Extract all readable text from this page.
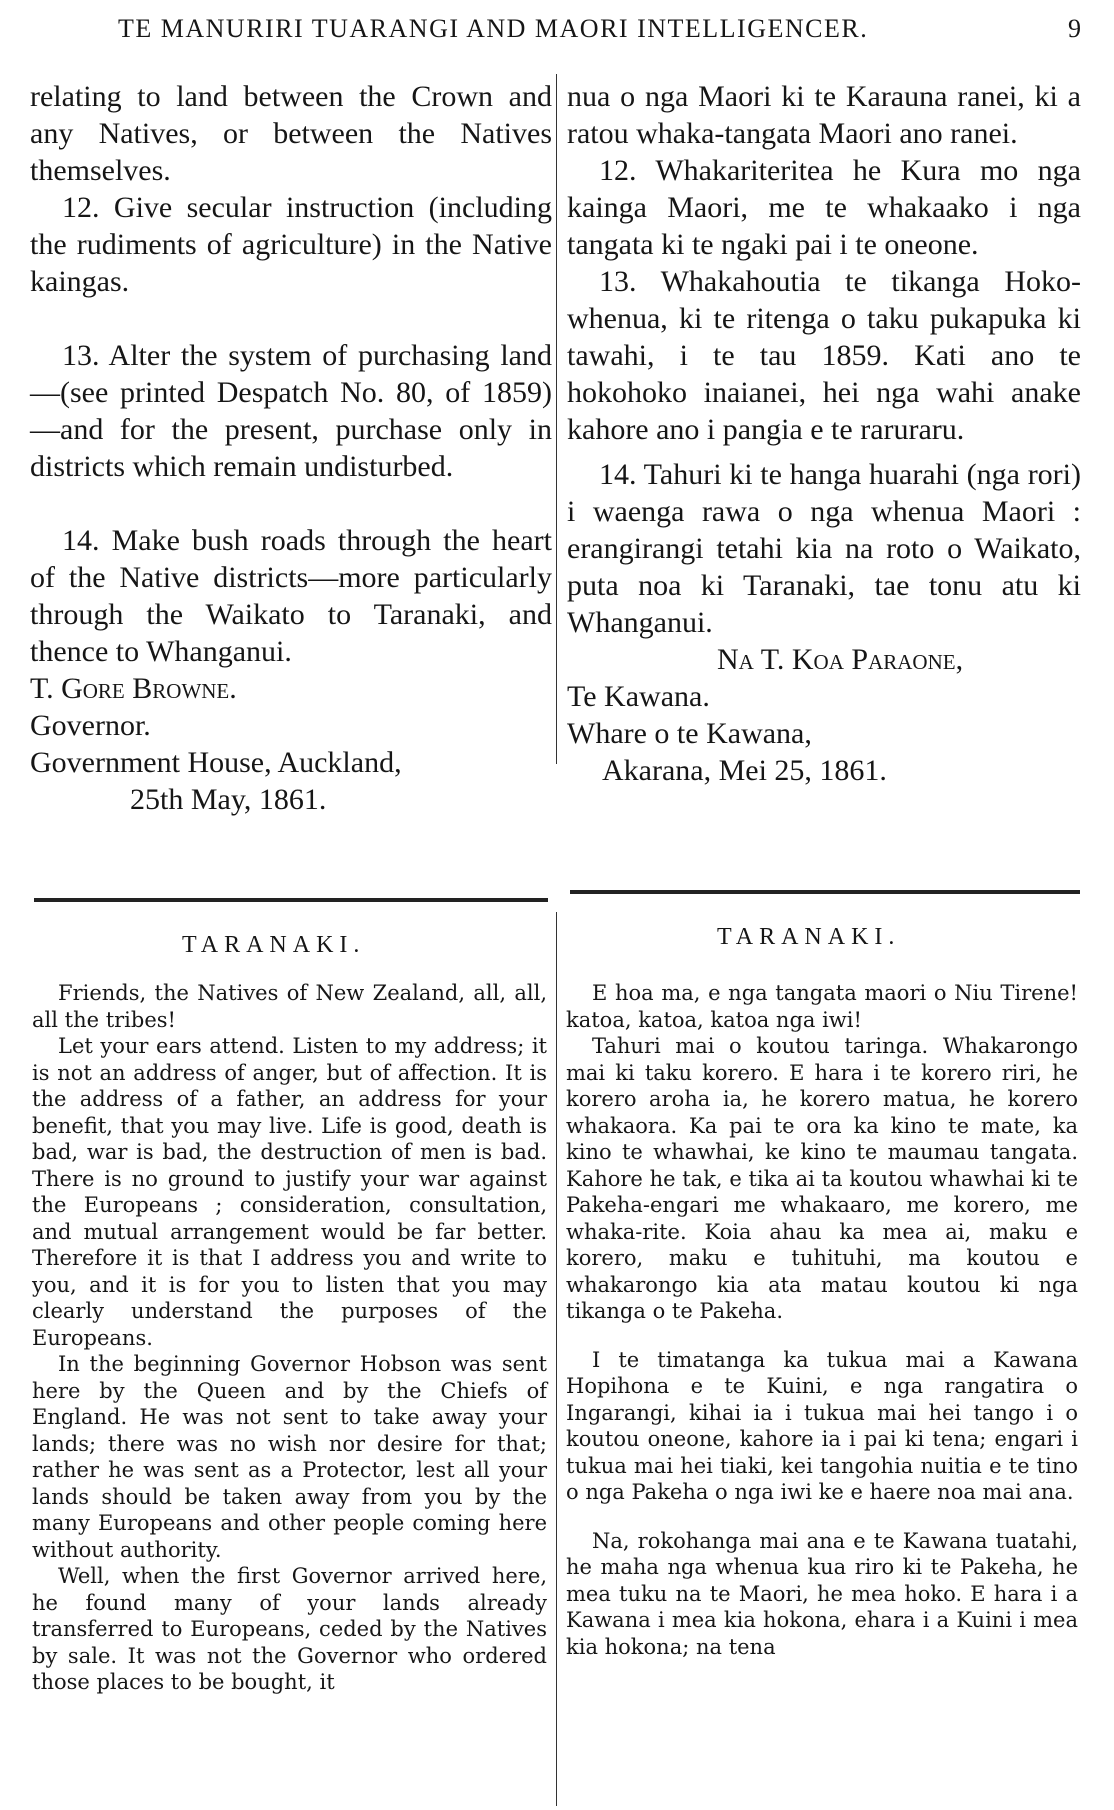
TE MANURIRI TUARANGI AND MAORI INTELLIGENCER.	9

relating to land between the Crown and any Natives, or between the Natives themselves.

12. Give secular instruction (including the rudiments of agriculture) in the Native kaingas.

13. Alter the system of purchasing land—(see printed Despatch No. 80, of 1859)—and for the present, purchase only in districts which remain undisturbed.

14. Make bush roads through the heart of the Native districts—more particularly through the Waikato to Taranaki, and thence to Whanganui.

T. Gore Browne.

Governor.

Government House, Auckland,

25th May, 1861.

nua o nga Maori ki te Karauna ranei, ki a ratou whaka-tangata Maori ano ranei.

12. Whakariteritea he Kura mo nga kainga Maori, me te whakaako i nga tangata ki te ngaki pai i te oneone.

13. Whakahoutia te tikanga Hoko-whenua, ki te ritenga o taku pukapuka ki tawahi, i te tau 1859. Kati ano te hokohoko inaianei, hei nga wahi anake kahore ano i pangia e te raruraru.

14. Tahuri ki te hanga huarahi (nga rori) i waenga rawa o nga whenua Maori : erangirangi tetahi kia na roto o Waikato, puta noa ki Taranaki, tae tonu atu ki Whanganui.

Na T. Koa Paraone,

Te Kawana.

Whare o te Kawana,

Akarana, Mei 25, 1861.

TARANAKI.	TARANAKI.

Friends, the Natives of New Zealand, all, all, all the tribes!

Let your ears attend. Listen to my address; it is not an address of anger, but of affection. It is the address of a father, an address for your benefit, that you may live. Life is good, death is bad, war is bad, the destruction of men is bad. There is no ground to justify your war against the Europeans ; consideration, consultation, and mutual arrangement would be far better. Therefore it is that I address you and write to you, and it is for you to listen that you may clearly understand the purposes of the Europeans.

In the beginning Governor Hobson was sent here by the Queen and by the Chiefs of England. He was not sent to take away your lands; there was no wish nor desire for that; rather he was sent as a Protector, lest all your lands should be taken away from you by the many Europeans and other people coming here without authority.

Well, when the first Governor arrived here, he found many of your lands already transferred to Europeans, ceded by the Natives by sale. It was not the Governor who ordered those places to be bought, it

E hoa ma, e nga tangata maori o Niu Tirene! katoa, katoa, katoa nga iwi!

Tahuri mai o koutou taringa. Whakarongo mai ki taku korero. E hara i te korero riri, he korero aroha ia, he korero matua, he korero whakaora. Ka pai te ora ka kino te mate, ka kino te whawhai, ke kino te maumau tangata. Kahore he tak, e tika ai ta koutou whawhai ki te Pakeha-engari me whakaaro, me korero, me whaka-rite. Koia ahau ka mea ai, maku e korero, maku e tuhituhi, ma koutou e whakarongo kia ata matau koutou ki nga tikanga o te Pakeha.

I te timatanga ka tukua mai a Kawana Hopihona e te Kuini, e nga rangatira o Ingarangi, kihai ia i tukua mai hei tango i o koutou oneone, kahore ia i pai ki tena; engari i tukua mai hei tiaki, kei tangohia nuitia e te tino o nga Pakeha o nga iwi ke e haere noa mai ana.

Na, rokohanga mai ana e te Kawana tuatahi, he maha nga whenua kua riro ki te Pakeha, he mea tuku na te Maori, he mea hoko. E hara i a Kawana i mea kia hokona, ehara i a Kuini i mea kia hokona; na tena
